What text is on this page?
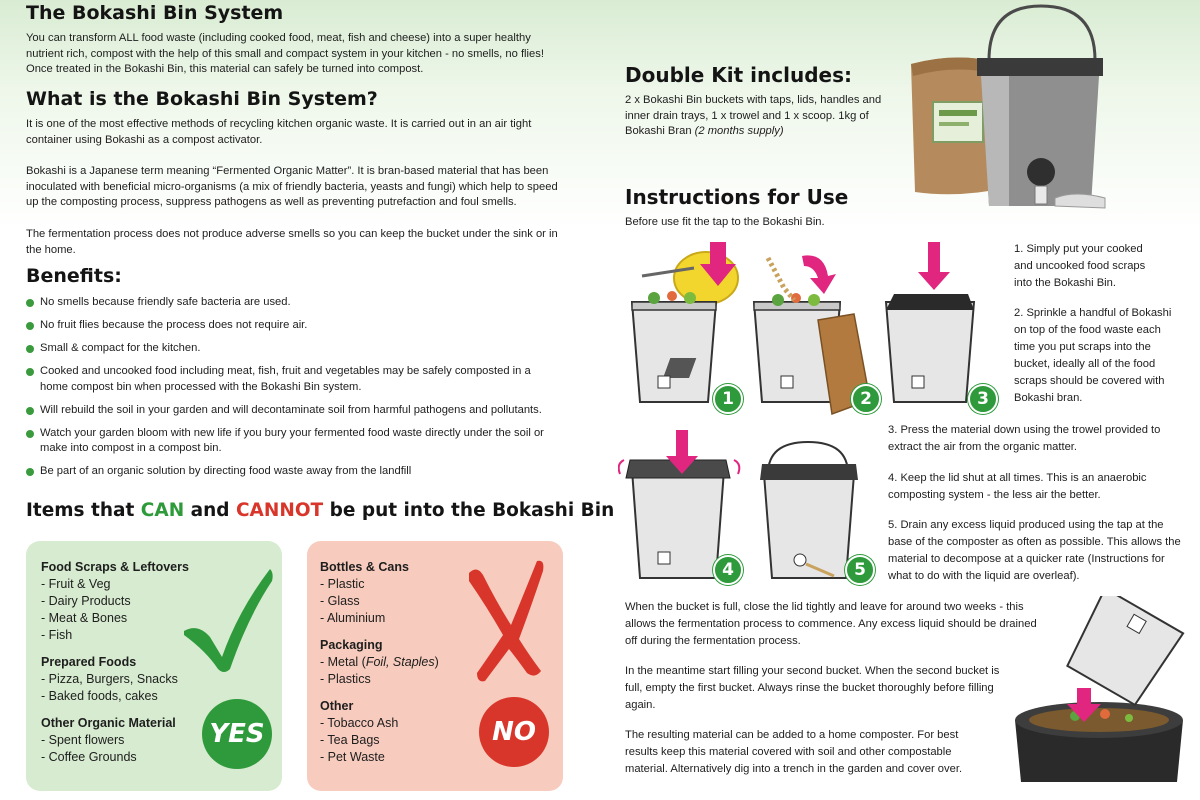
The Bokashi Bin System

You can transform ALL food waste (including cooked food, meat, fish and cheese) into a super healthy nutrient rich, compost with the help of this small and compact system in your kitchen - no smells, no flies! Once treated in the Bokashi Bin, this material can safely be turned into compost.

What is the Bokashi Bin System?

It is one of the most effective methods of recycling kitchen organic waste. It is carried out in an air tight container using Bokashi as a compost activator.

Bokashi is a Japanese term meaning “Fermented Organic Matter”. It is bran-based material that has been inoculated with beneficial micro-organisms (a mix of friendly bacteria, yeasts and fungi) which help to speed up the composting process, suppress pathogens as well as preventing putrefaction and foul smells.

The fermentation process does not produce adverse smells so you can keep the bucket under the sink or in the home.

Benefits:
No smells because friendly safe bacteria are used.
No fruit flies because the process does not require air.
Small & compact for the kitchen.
Cooked and uncooked food including meat, fish, fruit and vegetables may be safely composted in a home compost bin when processed with the Bokashi Bin system.
Will rebuild the soil in your garden and will decontaminate soil from harmful pathogens and pollutants.
Watch your garden bloom with new life if you bury your fermented food waste directly under the soil or make into compost in a compost bin.
Be part of an organic solution by directing food waste away from the landfill
Items that CAN and CANNOT be put into the Bokashi Bin
Food Scraps & Leftovers
- Fruit & Veg
- Dairy Products
- Meat & Bones
- Fish
Prepared Foods
- Pizza, Burgers, Snacks
- Baked foods, cakes
Other Organic Material
- Spent flowers
- Coffee Grounds
YES
Bottles & Cans
- Plastic
- Glass
- Aluminium
Packaging
- Metal (Foil, Staples)
- Plastics
Other
- Tobacco Ash
- Tea Bags
- Pet Waste
NO
Double Kit includes:

2 x Bokashi Bin buckets with taps, lids, handles and inner drain trays, 1 x trowel and 1 x scoop. 1kg of Bokashi Bran (2 months supply)

Instructions for Use

Before use fit the tap to the Bokashi Bin.

1	2	3
4	5

1. Simply put your cooked and uncooked food scraps into the Bokashi Bin.

2. Sprinkle a handful of Bokashi on top of the food waste each time you put scraps into the bucket, ideally all of the food scraps should be covered with Bokashi bran.

3. Press the material down using the trowel provided to extract the air from the organic matter.

4. Keep the lid shut at all times. This is an anaerobic composting system - the less air the better.

5. Drain any excess liquid produced using the tap at the base of the composter as often as possible. This allows the material to decompose at a quicker rate (Instructions for what to do with the liquid are overleaf).

When the bucket is full, close the lid tightly and leave for around two weeks - this allows the fermentation process to commence. Any excess liquid should be drained off during the fermentation process.

In the meantime start filling your second bucket. When the second bucket is full, empty the first bucket. Always rinse the bucket thoroughly before filling again.

The resulting material can be added to a home composter. For best results keep this material covered with soil and other compostable material. Alternatively dig into a trench in the garden and cover over.
